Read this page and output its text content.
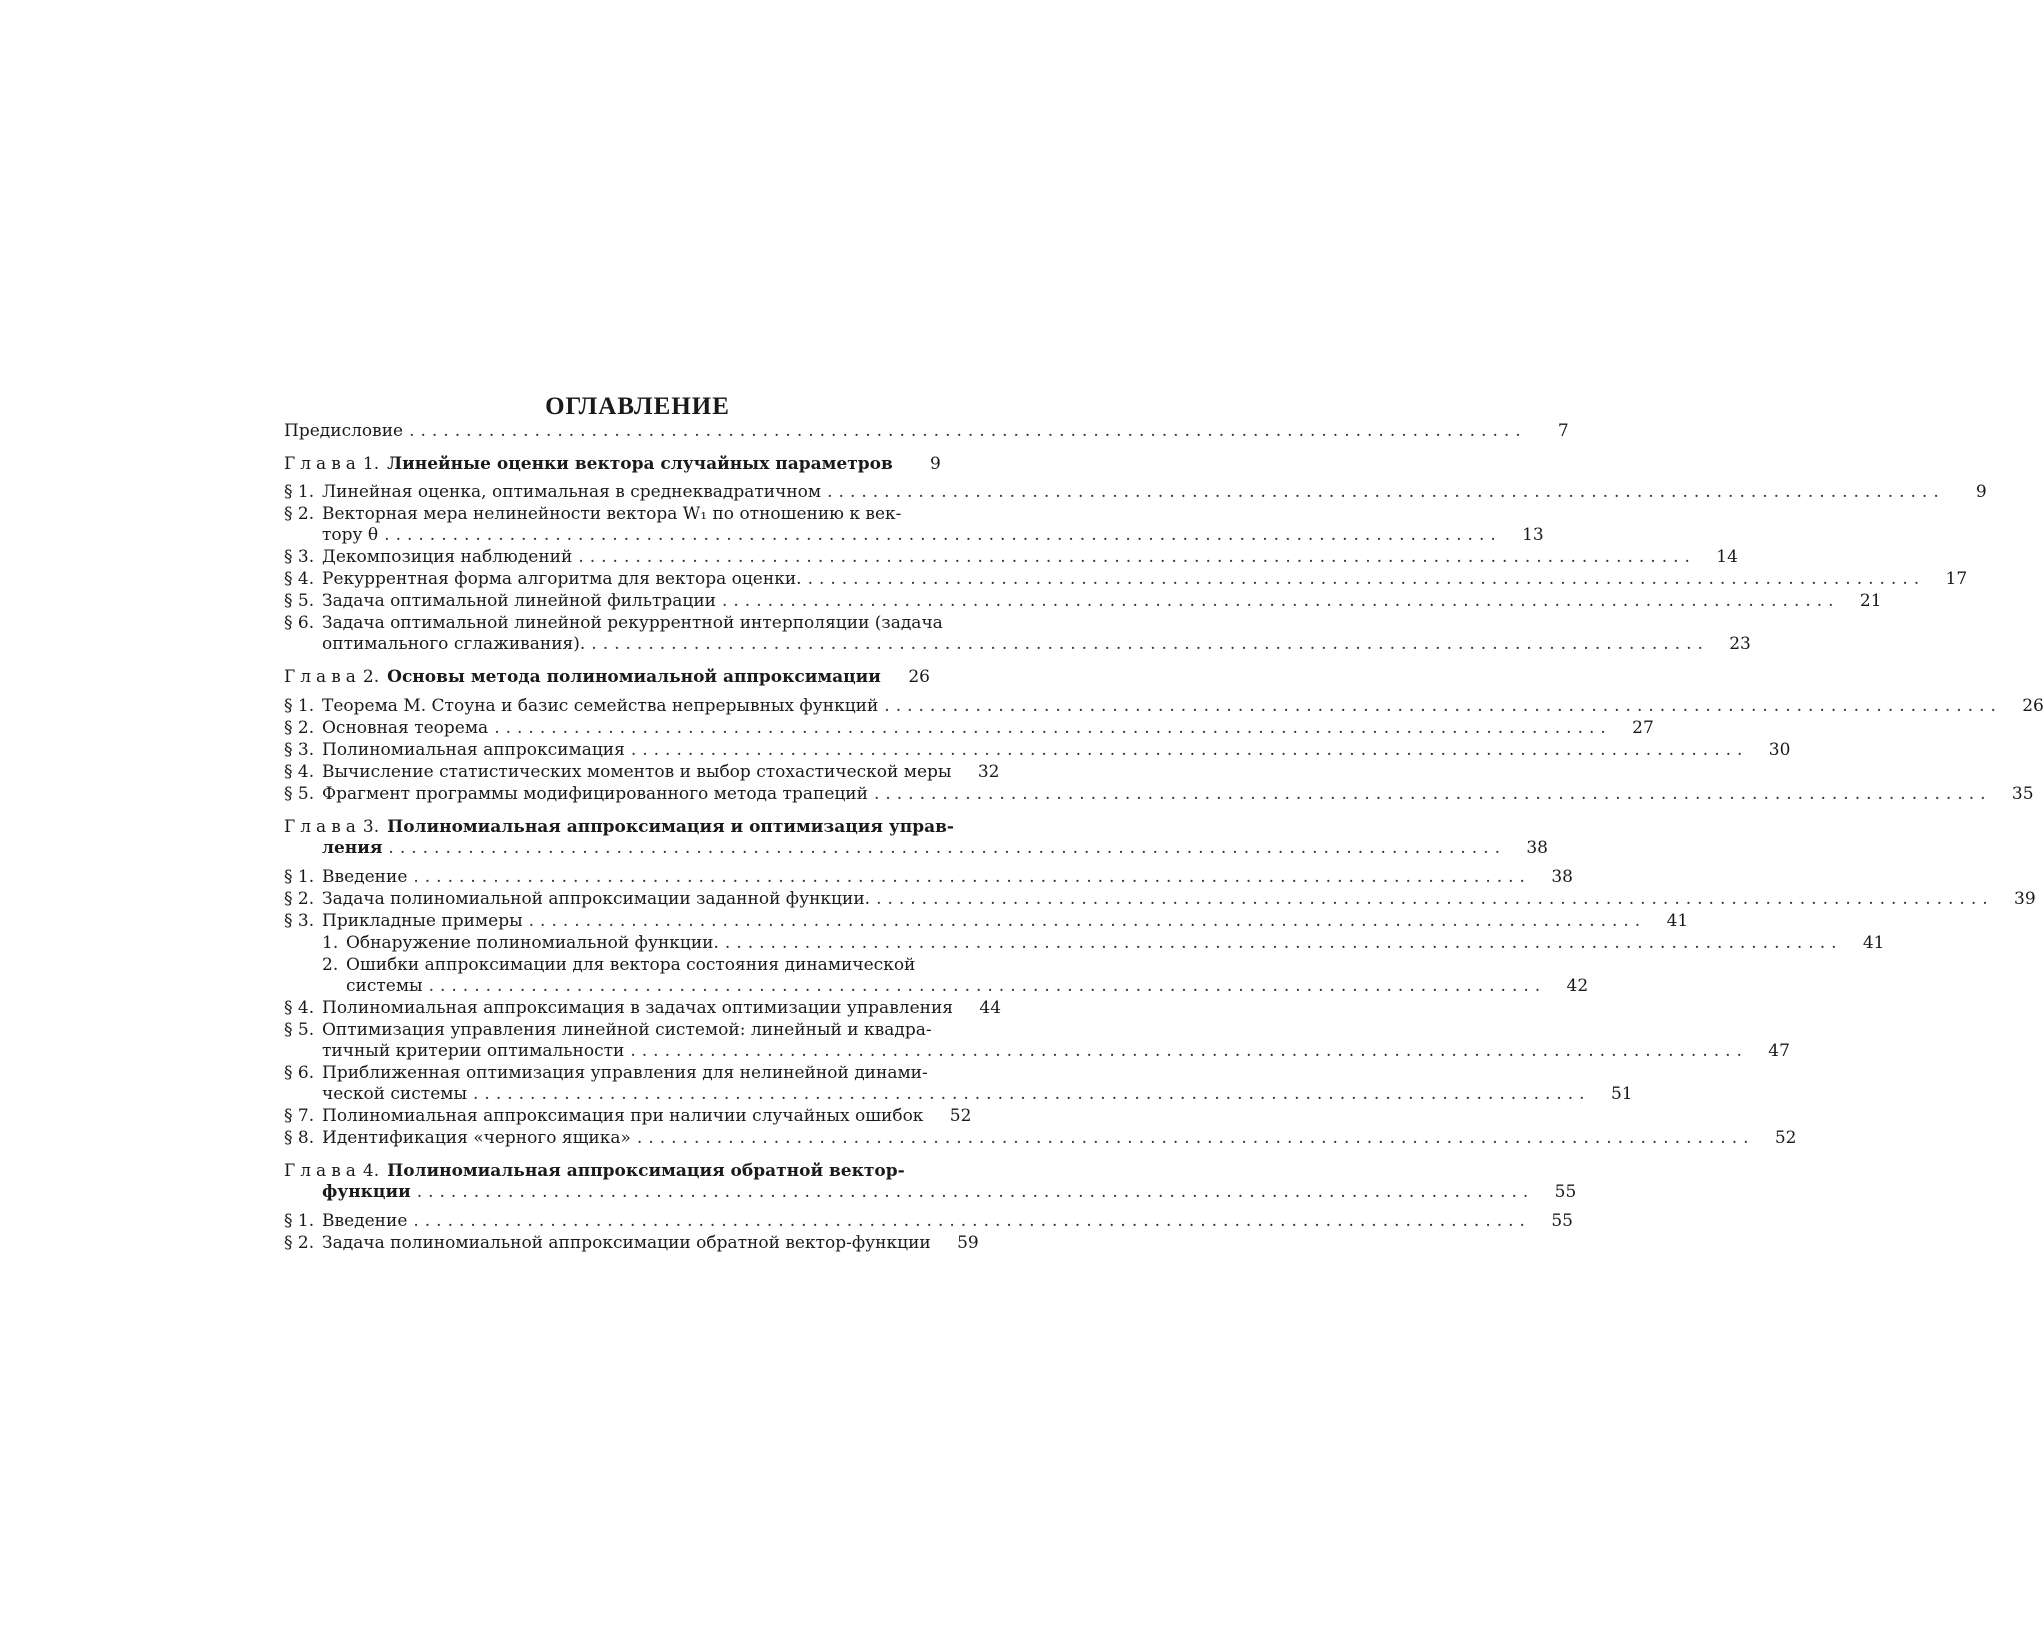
ОГЛАВЛЕНИЕ
Предисловие ..................................................................................................	7
Глава 1. Линейные оценки вектора случайных параметров	9
§ 1. Линейная оценка, оптимальная в среднеквадратичном ..................................................................................................	9
§ 2. Векторная мера нелинейности вектора W₁ по отношению к век-
тору θ ..................................................................................................	13
§ 3. Декомпозиция наблюдений ..................................................................................................	14
§ 4. Рекуррентная форма алгоритма для вектора оценки. ..................................................................................................	17
§ 5. Задача оптимальной линейной фильтрации ..................................................................................................	21
§ 6. Задача оптимальной линейной рекуррентной интерполяции (задача
оптимального сглаживания). ..................................................................................................	23
Глава 2. Основы метода полиномиальной аппроксимации	26
§ 1. Теорема М. Стоуна и базис семейства непрерывных функций ..................................................................................................	26
§ 2. Основная теорема ..................................................................................................	27
§ 3. Полиномиальная аппроксимация ..................................................................................................	30
§ 4. Вычисление статистических моментов и выбор стохастической меры	32
§ 5. Фрагмент программы модифицированного метода трапеций ..................................................................................................	35
Глава 3. Полиномиальная аппроксимация и оптимизация управ-
ления ..................................................................................................	38
§ 1. Введение ..................................................................................................	38
§ 2. Задача полиномиальной аппроксимации заданной функции. ..................................................................................................	39
§ 3. Прикладные примеры ..................................................................................................	41
1. Обнаружение полиномиальной функции. ..................................................................................................	41
2. Ошибки аппроксимации для вектора состояния динамической
системы ..................................................................................................	42
§ 4. Полиномиальная аппроксимация в задачах оптимизации управления	44
§ 5. Оптимизация управления линейной системой: линейный и квадра-
тичный критерии оптимальности ..................................................................................................	47
§ 6. Приближенная оптимизация управления для нелинейной динами-
ческой системы ..................................................................................................	51
§ 7. Полиномиальная аппроксимация при наличии случайных ошибок	52
§ 8. Идентификация «черного ящика» ..................................................................................................	52
Глава 4. Полиномиальная аппроксимация обратной вектор-
функции ..................................................................................................	55
§ 1. Введение ..................................................................................................	55
§ 2. Задача полиномиальной аппроксимации обратной вектор-функции	59
